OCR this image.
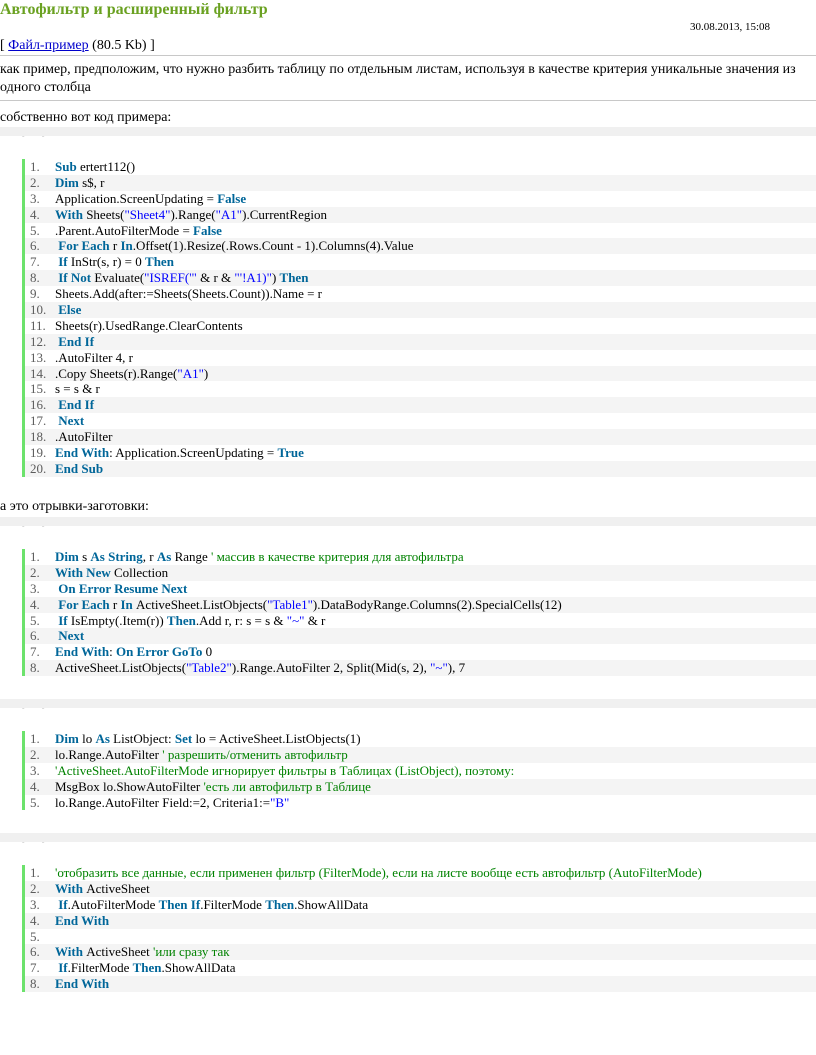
Автофильтр и расширенный фильтр
30.08.2013, 15:08
[ Файл-пример (80.5 Kb) ]
как пример, предположим, что нужно разбить таблицу по отдельным листам, используя в качестве критерия уникальные значения из одного столбца
собственно вот код примера:
1. Sub ertert112()
2. Dim s$, r
3. Application.ScreenUpdating = False
4. With Sheets("Sheet4").Range("A1").CurrentRegion
5. .Parent.AutoFilterMode = False
6. For Each r In.Offset(1).Resize(.Rows.Count - 1).Columns(4).Value
7. If InStr(s, r) = 0 Then
8. If Not Evaluate("ISREF('" & r & "'!A1)") Then
9. Sheets.Add(after:=Sheets(Sheets.Count)).Name = r
10. Else
11. Sheets(r).UsedRange.ClearContents
12. End If
13. .AutoFilter 4, r
14. .Copy Sheets(r).Range("A1")
15. s = s & r
16. End If
17. Next
18. .AutoFilter
19. End With: Application.ScreenUpdating = True
20. End Sub
а это отрывки-заготовки:
1. Dim s As String, r As Range ' массив в качестве критерия для автофильтра
2. With New Collection
3. On Error Resume Next
4. For Each r In ActiveSheet.ListObjects("Table1").DataBodyRange.Columns(2).SpecialCells(12)
5. If IsEmpty(.Item(r)) Then.Add r, r: s = s & "~" & r
6. Next
7. End With: On Error GoTo 0
8. ActiveSheet.ListObjects("Table2").Range.AutoFilter 2, Split(Mid(s, 2), "~"), 7
1. Dim lo As ListObject: Set lo = ActiveSheet.ListObjects(1)
2. lo.Range.AutoFilter ' разрешить/отменить автофильтр
3. 'ActiveSheet.AutoFilterMode игнорирует фильтры в Таблицах (ListObject), поэтому:
4. MsgBox lo.ShowAutoFilter 'есть ли автофильтр в Таблице
5. lo.Range.AutoFilter Field:=2, Criteria1:="B"
1. 'отобразить все данные, если применен фильтр (FilterMode), если на листе вообще есть автофильтр (AutoFilterMode)
2. With ActiveSheet
3. If.AutoFilterMode Then If.FilterMode Then.ShowAllData
4. End With
5.
6. With ActiveSheet 'или сразу так
7. If.FilterMode Then.ShowAllData
8. End With
